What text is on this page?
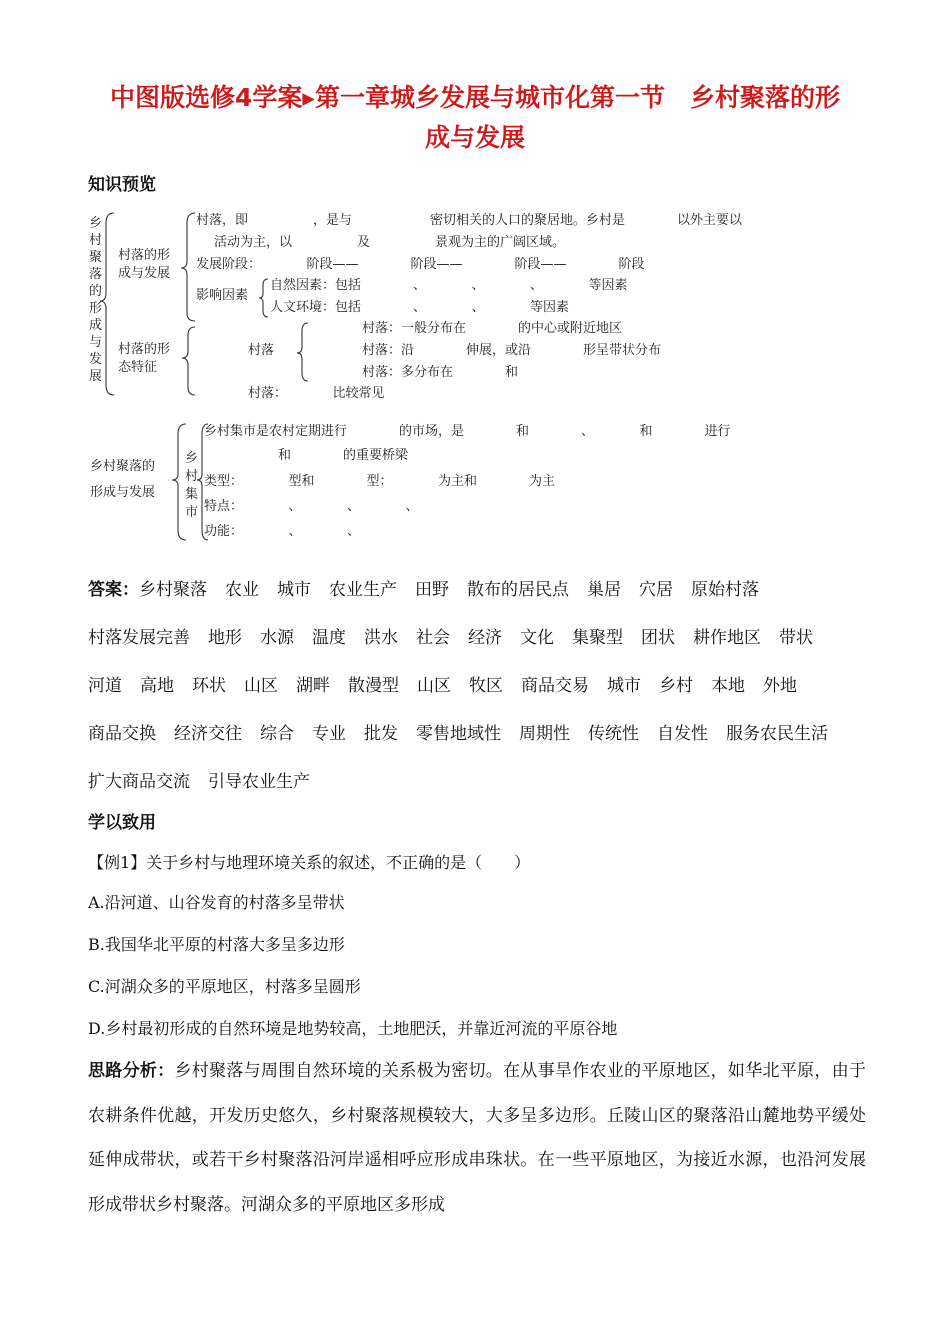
中图版选修4学案▸第一章城乡发展与城市化第一节　乡村聚落的形
成与发展
知识预览
乡
村
聚
落
的
形
成
与
发
展
村落的形
成与发展
村落的形
态特征
村落，即　　　　　，是与　　　　　　密切相关的人口的聚居地。乡村是　　　　以外主要以　　　　
活动为主，以　　　　　及　　　　　景观为主的广阔区域。
发展阶段：　　　　阶段——　　　　阶段——　　　　阶段——　　　　阶段
影响因素
自然因素：包括　　　　、　　　　、　　　　、　　　　等因素
人文环境：包括　　　　、　　　　、　　　　等因素
　　　　村落
　　　　村落：一般分布在　　　　的中心或附近地区
　　　　村落：沿　　　　伸展，或沿　　　　形呈带状分布
　　　　村落：多分布在　　　　和　　　　
　　　　村落：　　　　比较常见
乡村聚落的
形成与发展
乡
村
集
市
乡村集市是农村定期进行　　　　的市场，是　　　　和　　　　、　　　　和　　　　进行
　　　　和　　　　的重要桥梁
类型：　　　　型和　　　　型：　　　　为主和　　　　为主
特点：　　　　、　　　　、　　　　、　　　　
功能：　　　　、　　　　、　　　　

答案：乡村聚落 农业 城市 农业生产 田野 散布的居民点 巢居 穴居 原始村落村落发展完善 地形 水源 温度 洪水 社会 经济 文化 集聚型 团状 耕作地区 带状河道 高地 环状 山区 湖畔 散漫型 山区 牧区 商品交易 城市 乡村 本地 外地商品交换 经济交往 综合 专业 批发 零售地域性 周期性 传统性 自发性 服务农民生活扩大商品交流 引导农业生产

学以致用

【例1】关于乡村与地理环境关系的叙述，不正确的是（　　）

A.沿河道、山谷发育的村落多呈带状

B.我国华北平原的村落大多呈多边形

C.河湖众多的平原地区，村落多呈圆形

D.乡村最初形成的自然环境是地势较高，土地肥沃，并靠近河流的平原谷地

思路分析：乡村聚落与周围自然环境的关系极为密切。在从事旱作农业的平原地区，如华北平原，由于农耕条件优越，开发历史悠久，乡村聚落规模较大，大多呈多边形。丘陵山区的聚落沿山麓地势平缓处延伸成带状，或若干乡村聚落沿河岸遥相呼应形成串珠状。在一些平原地区，为接近水源，也沿河发展形成带状乡村聚落。河湖众多的平原地区多形成
